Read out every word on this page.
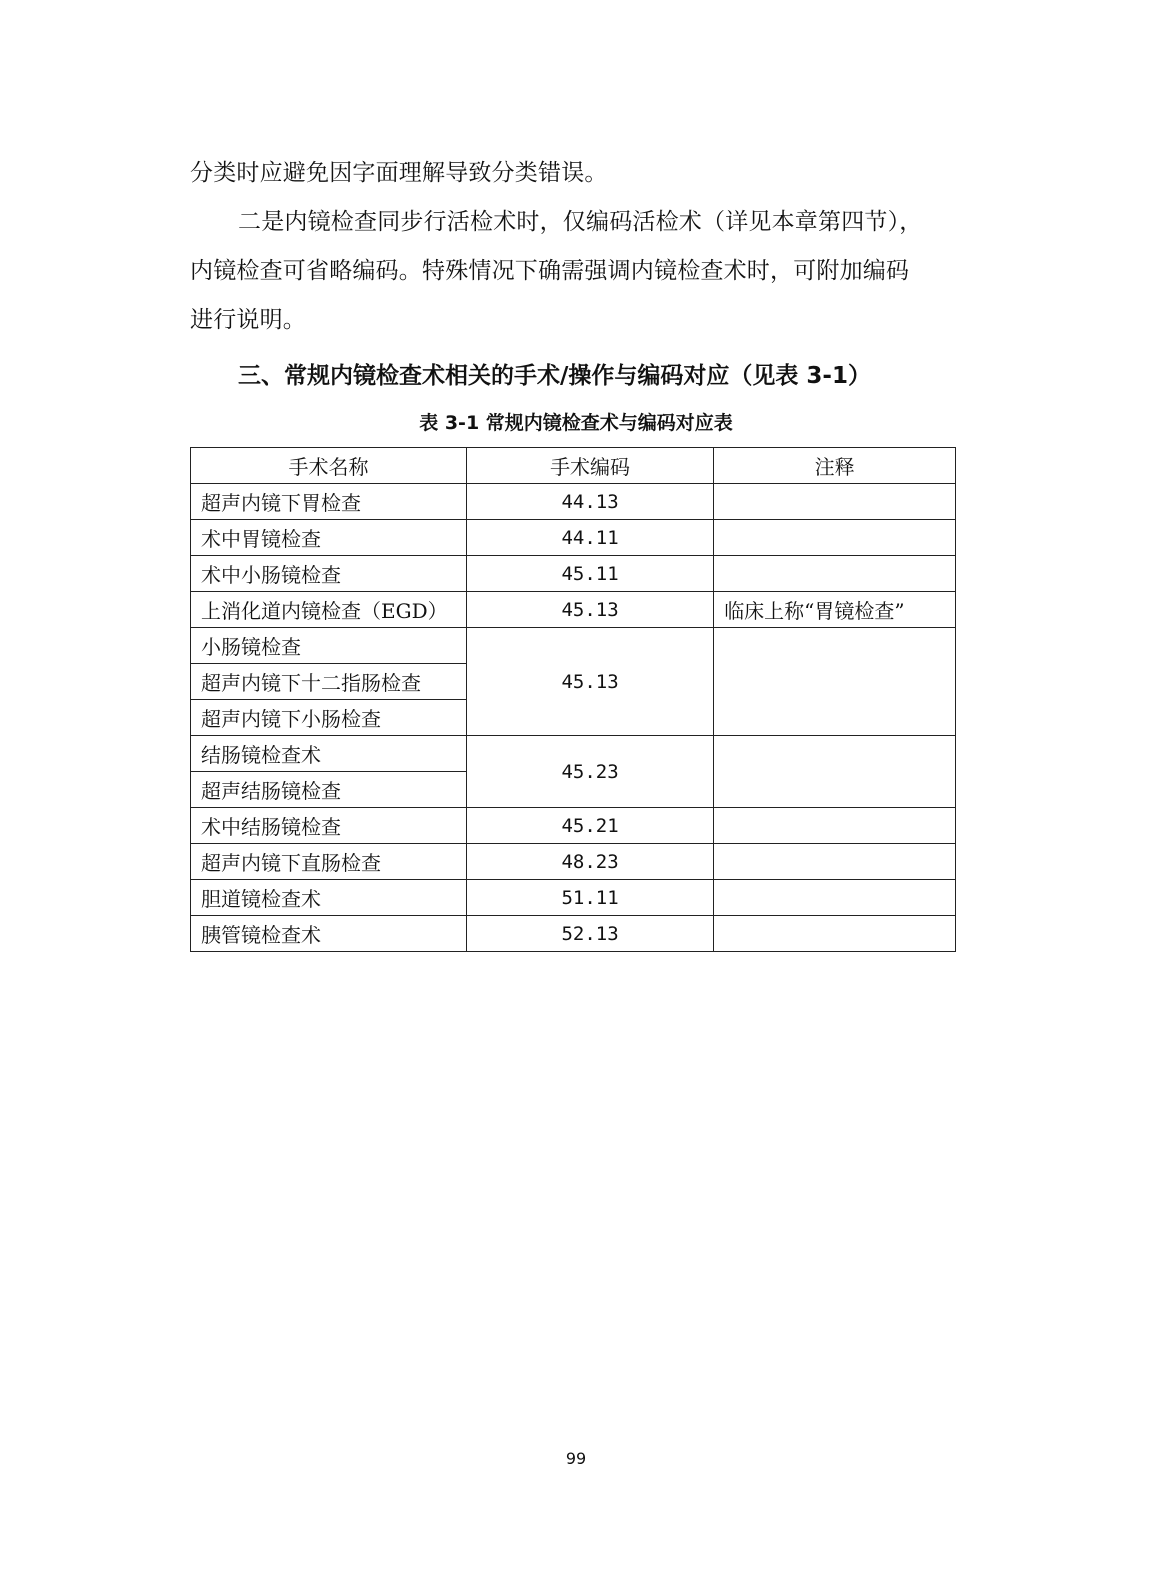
分类时应避免因字面理解导致分类错误。
二是内镜检查同步行活检术时，仅编码活检术（详见本章第四节），
内镜检查可省略编码。特殊情况下确需强调内镜检查术时，可附加编码
进行说明。
三、常规内镜检查术相关的手术/操作与编码对应（见表 3-1）
表 3-1 常规内镜检查术与编码对应表
手术名称	手术编码	注释
超声内镜下胃检查	44.13	
术中胃镜检查	44.11	
术中小肠镜检查	45.11	
上消化道内镜检查（EGD）	45.13	临床上称“胃镜检查”
小肠镜检查	45.13	
超声内镜下十二指肠检查		
超声内镜下小肠检查		
结肠镜检查术	45.23	
超声结肠镜检查		
术中结肠镜检查	45.21	
超声内镜下直肠检查	48.23	
胆道镜检查术	51.11	
胰管镜检查术	52.13	
99
